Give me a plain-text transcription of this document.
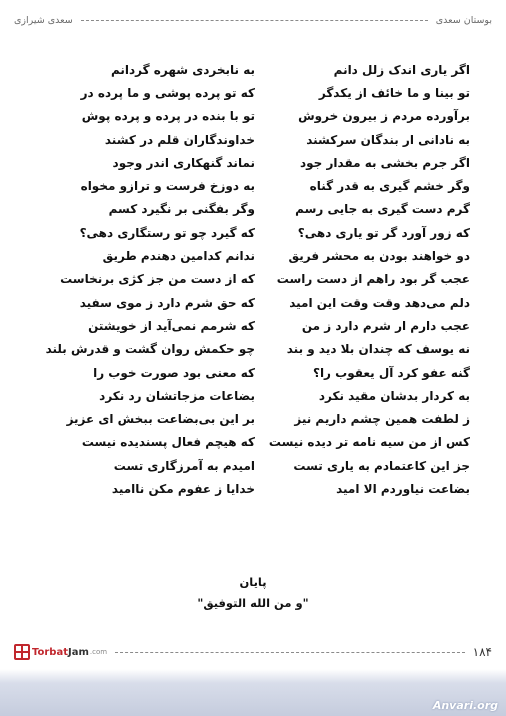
بوستان سعدی
سعدی شیرازی
اگر یاری اندک زلل دانم
به نابخردی شهره گردانم
تو بینا و ما خائف از یکدگر
که تو پرده پوشی و ما پرده در
برآورده مردم ز بیرون خروش
تو با بنده در پرده و پرده پوش
به نادانی ار بندگان سرکشند
خداوندگاران قلم در کشند
اگر جرم بخشی به مقدار جود
نماند گنهکاری اندر وجود
وگر خشم گیری به قدر گناه
به دوزخ فرست و ترازو مخواه
گرم دست گیری به جایی رسم
وگر بفگنی بر نگیرد کسم
که زور آورد گر تو یاری دهی؟
که گیرد چو تو رستگاری دهی؟
دو خواهند بودن به محشر فریق
ندانم کدامین دهندم طریق
عجب گر بود راهم از دست راست
که از دست من جز کژی برنخاست
دلم می‌دهد وقت وقت این امید
که حق شرم دارد ز موی سفید
عجب دارم ار شرم دارد ز من
که شرمم نمی‌آید از خویشتن
نه یوسف که چندان بلا دید و بند
چو حکمش روان گشت و قدرش بلند
گنه عفو کرد آل یعقوب را؟
که معنی بود صورت خوب را
به کردار بدشان مقید نکرد
بضاعات مزجاتشان رد نکرد
ز لطفت همین چشم داریم نیز
بر این بی‌بضاعت ببخش ای عزیز
کس از من سیه نامه تر دیده نیست
که هیچم فعال پسندیده نیست
جز این کاعتمادم به یاری تست
امیدم به آمرزگاری تست
بضاعت نیاوردم الا امید
خدایا ز عفوم مکن ناامید
پایان
"و من الله التوفیق"
Torbat Jam .com	۱۸۴
Anvari.org
